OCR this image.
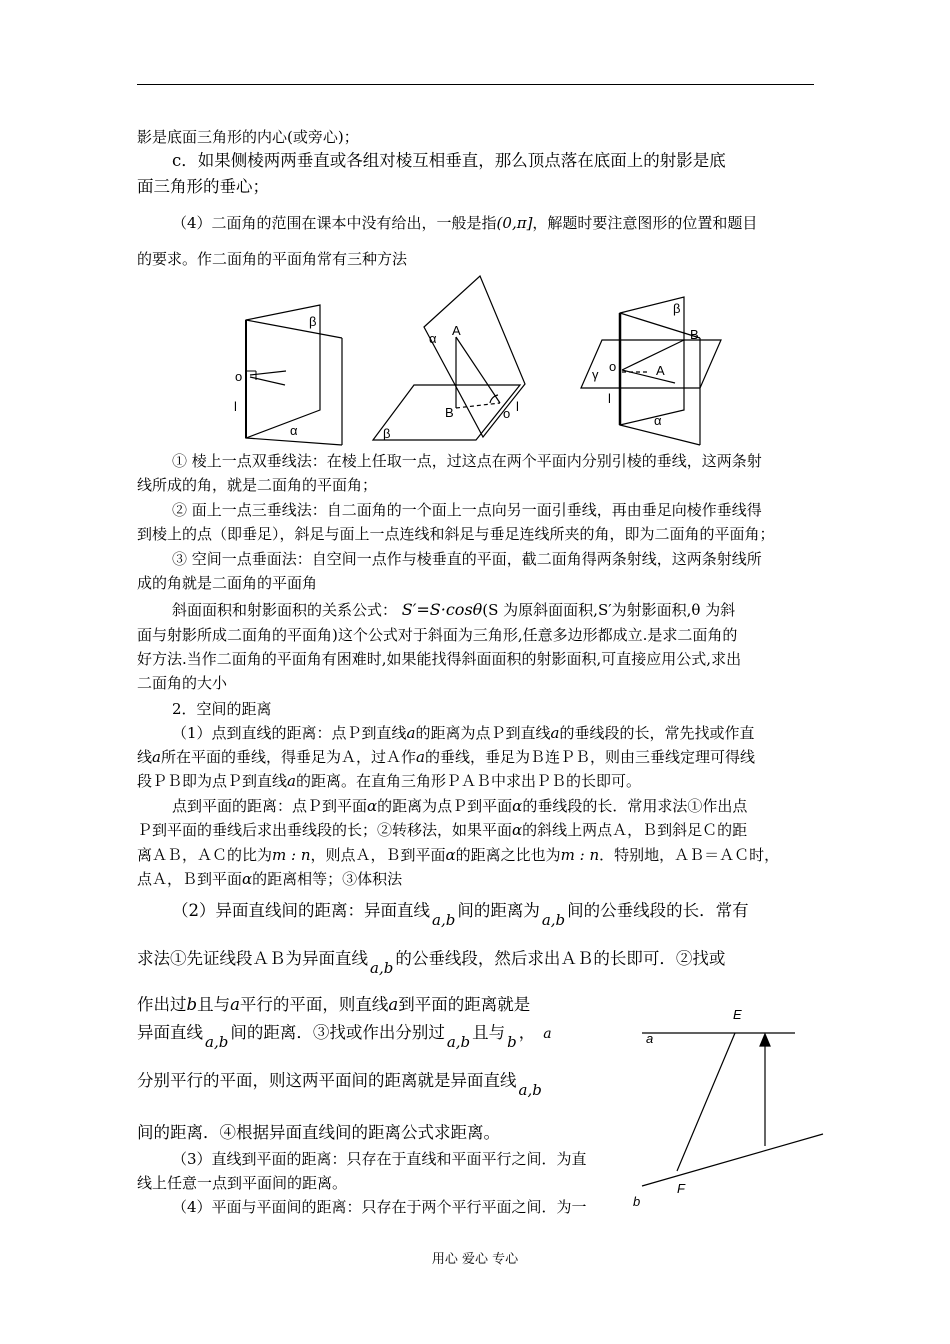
影是底面三角形的内心(或旁心)；
c．如果侧棱两两垂直或各组对棱互相垂直，那么顶点落在底面上的射影是底
面三角形的垂心；
（4）二面角的范围在课本中没有给出，一般是指(0,π]，解题时要注意图形的位置和题目
的要求。作二面角的平面角常有三种方法
β
o
l
α
A
α
B	o l
β
β
B
γ
o	A
l
α
E
a
F
b
① 棱上一点双垂线法：在棱上任取一点，过这点在两个平面内分别引棱的垂线，这两条射
线所成的角，就是二面角的平面角；
② 面上一点三垂线法：自二面角的一个面上一点向另一面引垂线，再由垂足向棱作垂线得
到棱上的点（即垂足），斜足与面上一点连线和斜足与垂足连线所夹的角，即为二面角的平面角；
③ 空间一点垂面法：自空间一点作与棱垂直的平面，截二面角得两条射线，这两条射线所
成的角就是二面角的平面角
斜面面积和射影面积的关系公式： S′=S·cosθ(S 为原斜面面积,S′为射影面积,θ 为斜
面与射影所成二面角的平面角)这个公式对于斜面为三角形,任意多边形都成立.是求二面角的
好方法.当作二面角的平面角有困难时,如果能找得斜面面积的射影面积,可直接应用公式,求出
二面角的大小
2．空间的距离
（1）点到直线的距离：点Ｐ到直线a的距离为点Ｐ到直线a的垂线段的长，常先找或作直
线a所在平面的垂线，得垂足为Ａ，过Ａ作a的垂线，垂足为Ｂ连ＰＢ，则由三垂线定理可得线
段ＰＢ即为点Ｐ到直线a的距离。在直角三角形ＰＡＢ中求出ＰＢ的长即可。
点到平面的距离：点Ｐ到平面α的距离为点Ｐ到平面α的垂线段的长．常用求法①作出点
Ｐ到平面的垂线后求出垂线段的长；②转移法，如果平面α的斜线上两点Ａ，Ｂ到斜足Ｃ的距
离ＡＢ，ＡＣ的比为m : n，则点Ａ，Ｂ到平面α的距离之比也为m : n．特别地，ＡＢ＝ＡＣ时，
点Ａ，Ｂ到平面α的距离相等；③体积法
（2）异面直线间的距离：异面直线 a,b 间的距离为 a,b 间的公垂线段的长．常有
求法①先证线段ＡＢ为异面直线 a,b 的公垂线段，然后求出ＡＢ的长即可．②找或
作出过b且与a平行的平面，则直线a到平面的距离就是
异面直线 a,b 间的距离．③找或作出分别过 a,b 且与 b ， a
分别平行的平面，则这两平面间的距离就是异面直线 a,b
间的距离．④根据异面直线间的距离公式求距离。
（3）直线到平面的距离：只存在于直线和平面平行之间．为直
线上任意一点到平面间的距离。
（4）平面与平面间的距离：只存在于两个平行平面之间．为一
用心 爱心 专心
